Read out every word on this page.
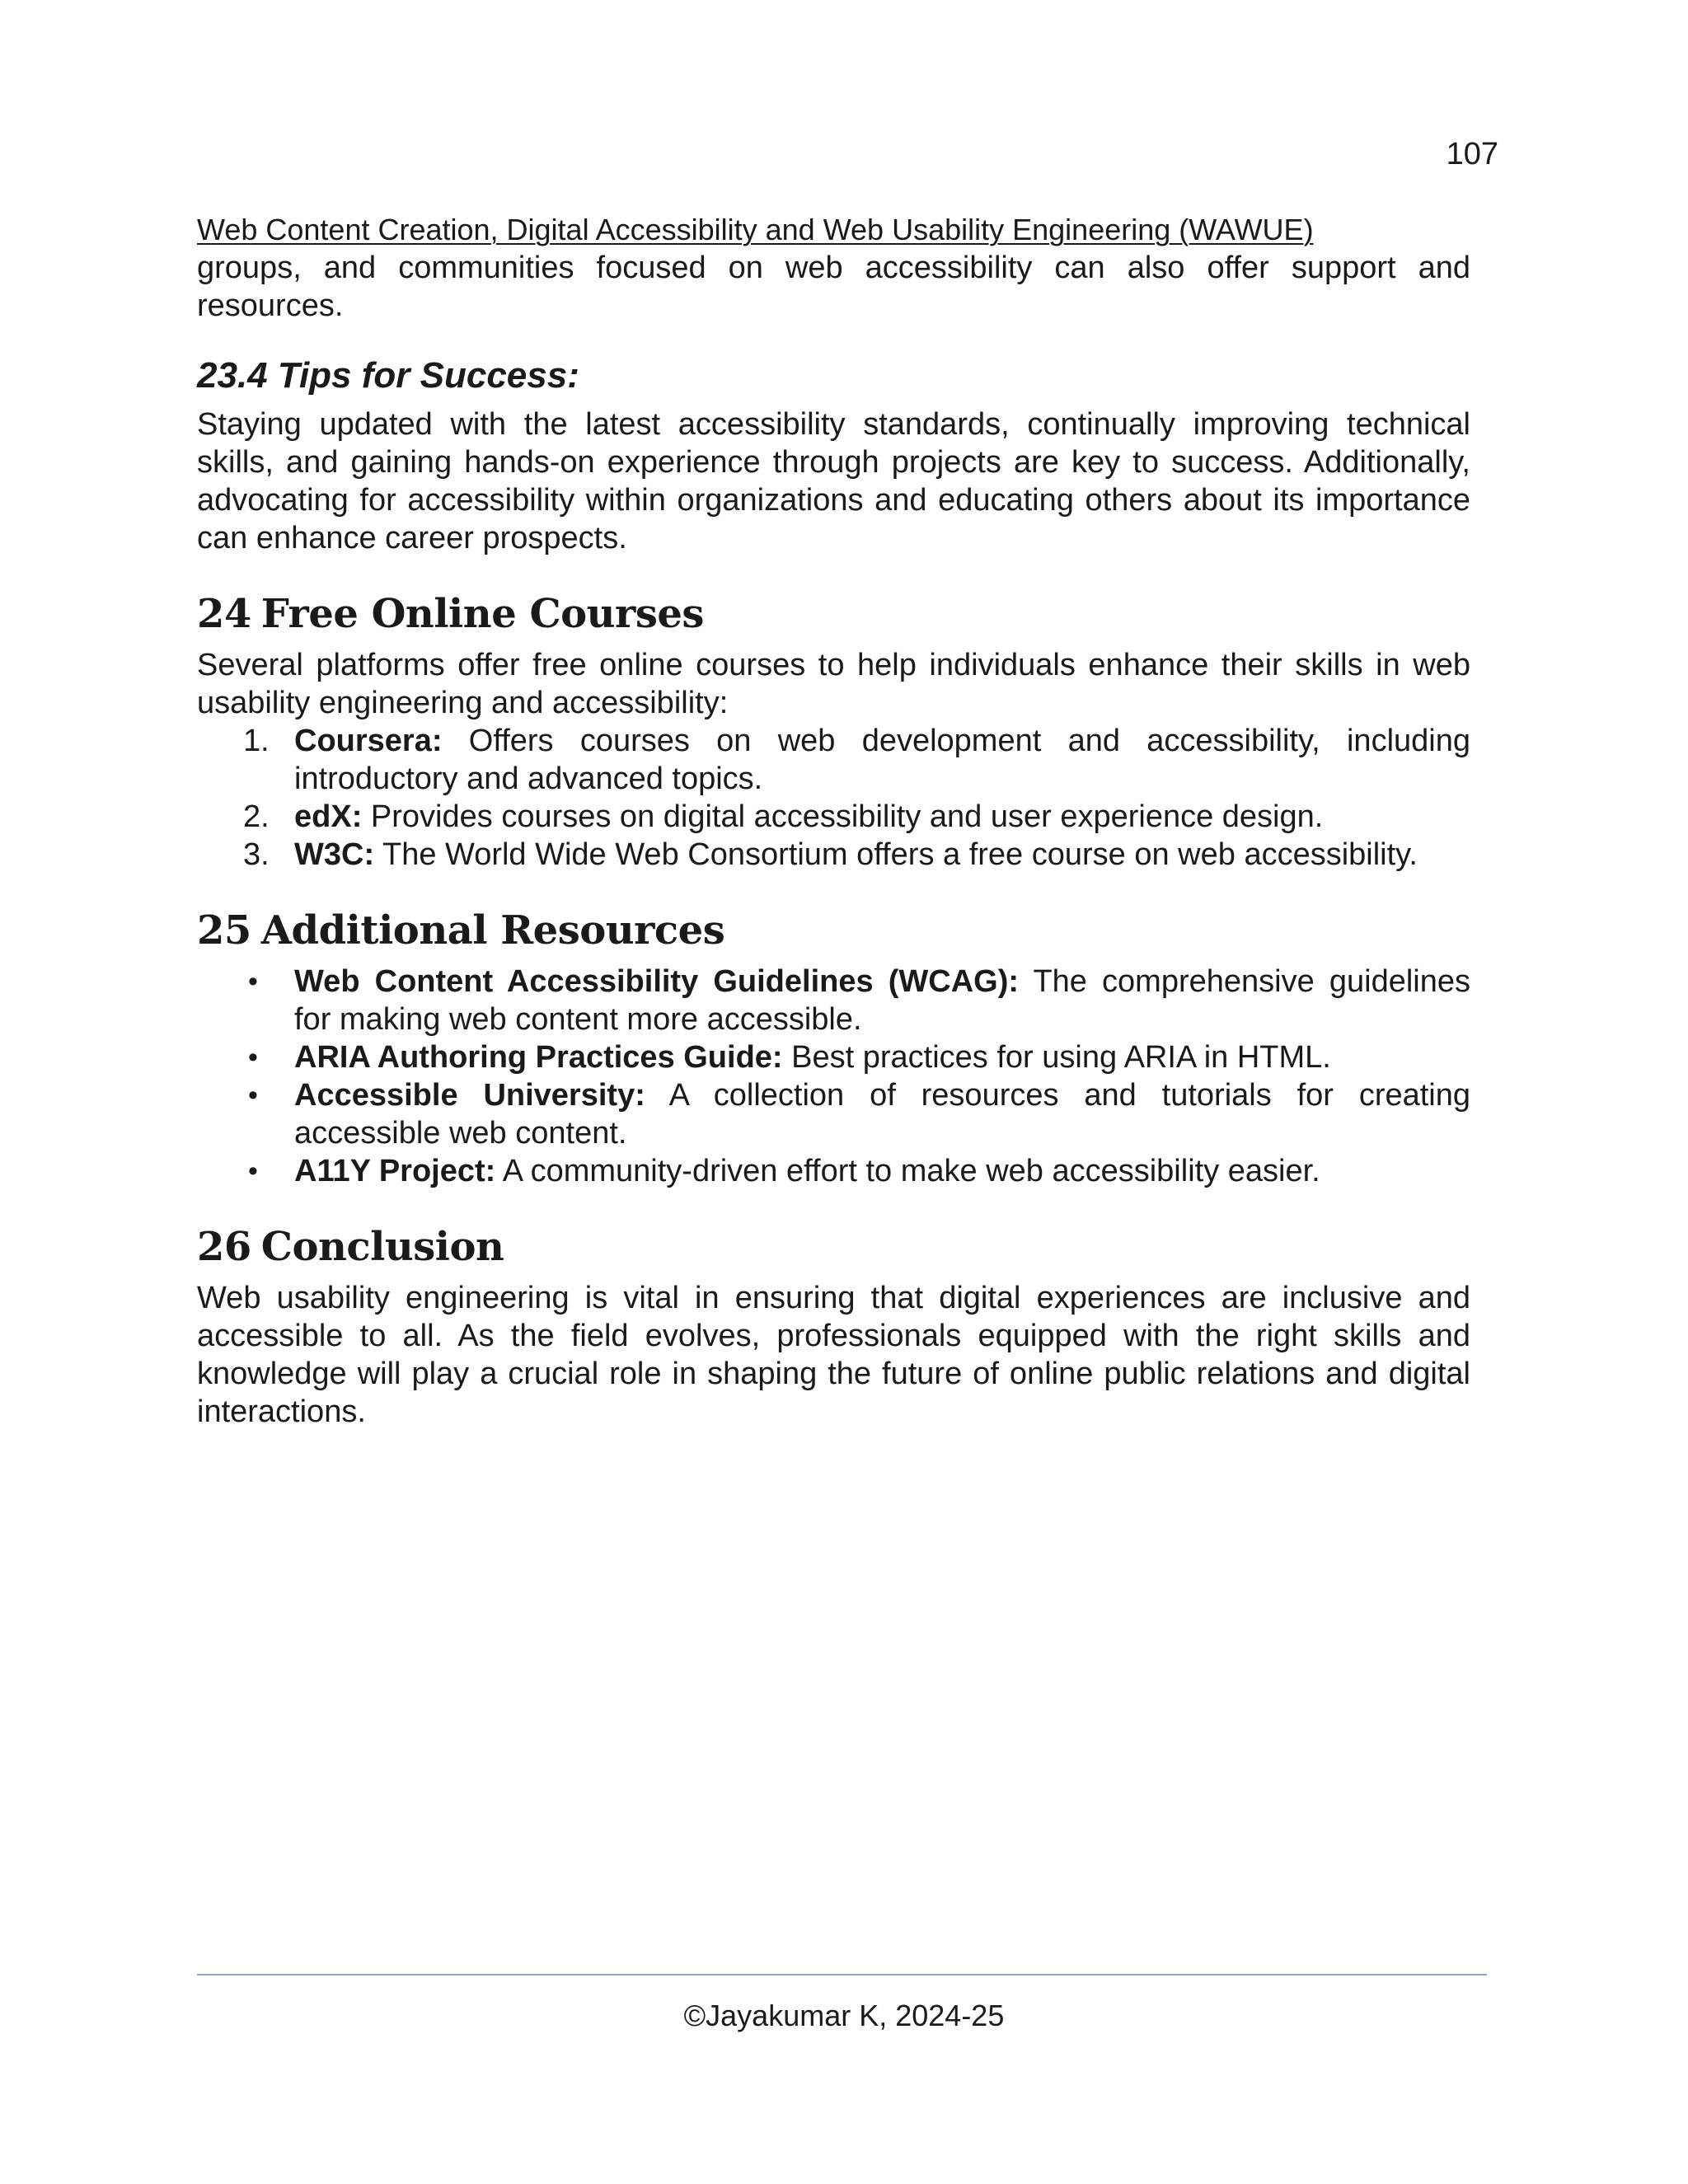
107
Web Content Creation, Digital Accessibility and Web Usability Engineering (WAWUE)

groups, and communities focused on web accessibility can also offer support and resources.

23.4 Tips for Success:

Staying updated with the latest accessibility standards, continually improving technical skills, and gaining hands-on experience through projects are key to success. Additionally, advocating for accessibility within organizations and educating others about its importance can enhance career prospects.

24 Free Online Courses

Several platforms offer free online courses to help individuals enhance their skills in web usability engineering and accessibility:

1. Coursera: Offers courses on web development and accessibility, including introductory and advanced topics.
2. edX: Provides courses on digital accessibility and user experience design.
3. W3C: The World Wide Web Consortium offers a free course on web accessibility.
25 Additional Resources
• Web Content Accessibility Guidelines (WCAG): The comprehensive guidelines for making web content more accessible.
• ARIA Authoring Practices Guide: Best practices for using ARIA in HTML.
• Accessible University: A collection of resources and tutorials for creating accessible web content.
• A11Y Project: A community-driven effort to make web accessibility easier.
26 Conclusion

Web usability engineering is vital in ensuring that digital experiences are inclusive and accessible to all. As the field evolves, professionals equipped with the right skills and knowledge will play a crucial role in shaping the future of online public relations and digital interactions.

©Jayakumar K, 2024-25
